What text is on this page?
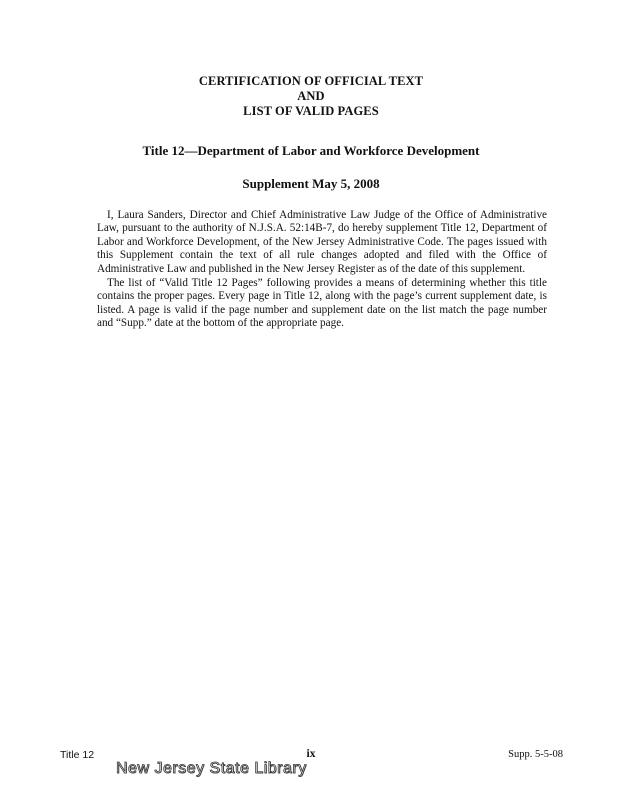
CERTIFICATION OF OFFICIAL TEXT
AND
LIST OF VALID PAGES
Title 12—Department of Labor and Workforce Development
Supplement May 5, 2008

I, Laura Sanders, Director and Chief Administrative Law Judge of the Office of Administrative Law, pursuant to the authority of N.J.S.A. 52:14B-7, do hereby supplement Title 12, Department of Labor and Workforce Development, of the New Jersey Administrative Code. The pages issued with this Supplement contain the text of all rule changes adopted and filed with the Office of Administrative Law and published in the New Jersey Register as of the date of this supplement.

The list of “Valid Title 12 Pages” following provides a means of determining whether this title contains the proper pages. Every page in Title 12, along with the page’s current supplement date, is listed. A page is valid if the page number and supplement date on the list match the page number and “Supp.” date at the bottom of the appropriate page.

Title 12	ix	Supp. 5-5-08
New Jersey State Library
